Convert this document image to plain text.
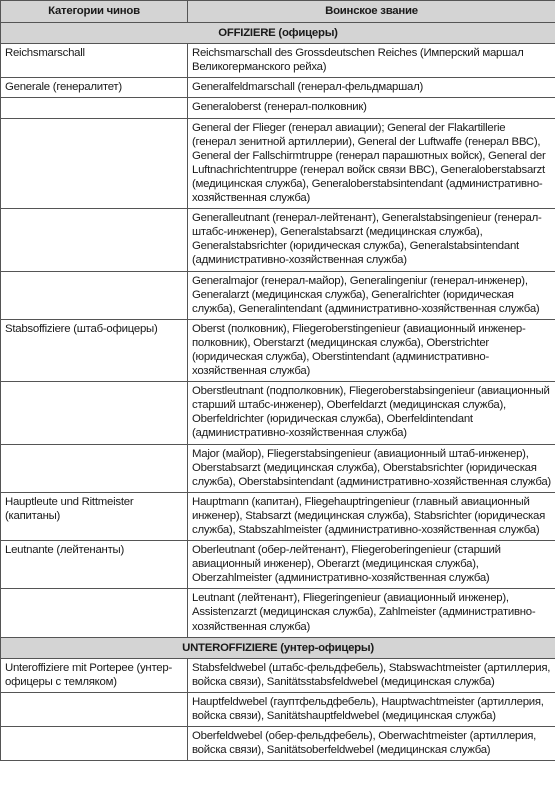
Категории чинов	Воинское звание
OFFIZIERE (офицеры)	
Reichsmarschall	Reichsmarschall des Grossdeutschen Reiches (Имперский маршал Великогерманского рейха)
Generale (генералитет)	Generalfeldmarschall (генерал-фельдмаршал)
	Generaloberst (генерал-полковник)
	General der Flieger (генерал авиации); General der Flakartillerie (генерал зенитной артиллерии), General der Luftwaffe (генерал ВВС), General der Fallschirmtruppe (генерал парашютных войск), General der Luftnachrichtentruppe (генерал войск связи ВВС), Generaloberstabsarzt (медицинская служба), Generaloberstabsintendant (административно-хозяйственная служба)
	Generalleutnant (генерал-лейтенант), Generalstabsingenieur (генерал-штабс-инженер), Generalstabsarzt (медицинская служба), Generalstabsrichter (юридическая служба), Generalstabsintendant (административно-хозяйственная служба)
	Generalmajor (генерал-майор), Generalingeniur (генерал-инженер), Generalarzt (медицинская служба), Generalrichter (юридическая служба), Generalintendant (административно-хозяйственная служба)
Stabsoffiziere (штаб-офицеры)	Oberst (полковник), Fliegeroberstingenieur (авиационный инженер-полковник), Oberstarzt (медицинская служба), Oberstrichter (юридическая служба), Oberstintendant (административно-хозяйственная служба)
	Oberstleutnant (подполковник), Fliegeroberstabsingenieur (авиационный старший штабс-инженер), Oberfeldarzt (медицинская служба), Oberfeldrichter (юридическая служба), Oberfeldintendant (административно-хозяйственная служба)
	Major (майор), Fliegerstabsingenieur (авиационный штаб-инженер), Oberstabsarzt (медицинская служба), Oberstabsrichter (юридическая служба), Oberstabsintendant (административно-хозяйственная служба)
Hauptleute und Rittmeister (капитаны)	Hauptmann (капитан), Fliegehauptringenieur (главный авиационный инженер), Stabsarzt (медицинская служба), Stabsrichter (юридическая служба), Stabszahlmeister (административно-хозяйственная служба)
Leutnante (лейтенанты)	Oberleutnant (обер-лейтенант), Fliegeroberingenieur (старший авиационный инженер), Oberarzt (медицинская служба), Oberzahlmeister (административно-хозяйственная служба)
	Leutnant (лейтенант), Fliegeringenieur (авиационный инженер), Assistenzarzt (медицинская служба), Zahlmeister (административно-хозяйственная служба)
UNTEROFFIZIERE (унтер-офицеры)	
Unteroffiziere mit Portepee (унтер-офицеры с темляком)	Stabsfeldwebel (штабс-фельдфебель), Stabswachtmeister (артиллерия, войска связи), Sanitätsstabsfeldwebel (медицинская служба)
	Hauptfeldwebel (гауптфельдфебель), Hauptwachtmeister (артиллерия, войска связи), Sanitätshauptfeldwebel (медицинская служба)
	Oberfeldwebel (обер-фельдфебель), Oberwachtmeister (артиллерия, войска связи), Sanitätsoberfeldwebel (медицинская служба)
